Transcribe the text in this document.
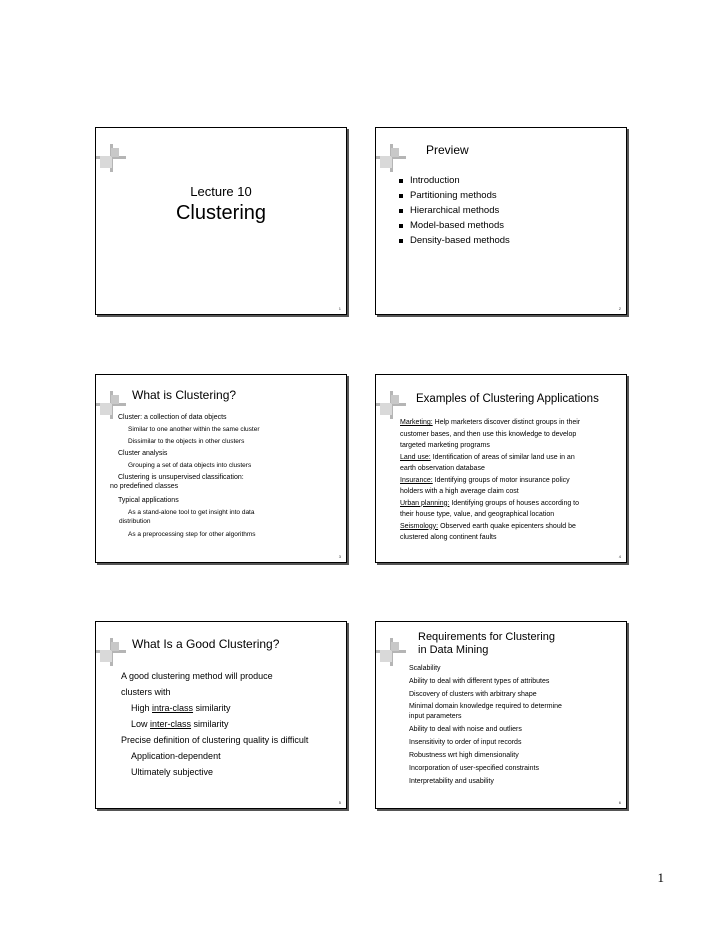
Lecture 10
Clustering
1
Preview
Introduction
Partitioning methods
Hierarchical methods
Model-based methods
Density-based methods
2
What is Clustering?
Cluster: a collection of data objects
Similar to one another within the same cluster
Dissimilar to the objects in other clusters
Cluster analysis
Grouping a set of data objects into clusters
Clustering is unsupervised classification:
no predefined classes
Typical applications
As a stand-alone tool to get insight into data
distribution
As a preprocessing step for other algorithms
3
Examples of Clustering Applications
Marketing: Help marketers discover distinct groups in their
customer bases, and then use this knowledge to develop
targeted marketing programs
Land use: Identification of areas of similar land use in an
earth observation database
Insurance: Identifying groups of motor insurance policy
holders with a high average claim cost
Urban planning: Identifying groups of houses according to
their house type, value, and geographical location
Seismology: Observed earth quake epicenters should be
clustered along continent faults
4
What Is a Good Clustering?
A good clustering method will produce
clusters with
High intra-class similarity
Low inter-class similarity
Precise definition of clustering quality is difficult
Application-dependent
Ultimately subjective
5
Requirements for Clustering
in Data Mining
Scalability
Ability to deal with different types of attributes
Discovery of clusters with arbitrary shape
Minimal domain knowledge required to determine
input parameters
Ability to deal with noise and outliers
Insensitivity to order of input records
Robustness wrt high dimensionality
Incorporation of user-specified constraints
Interpretability and usability
6
1
